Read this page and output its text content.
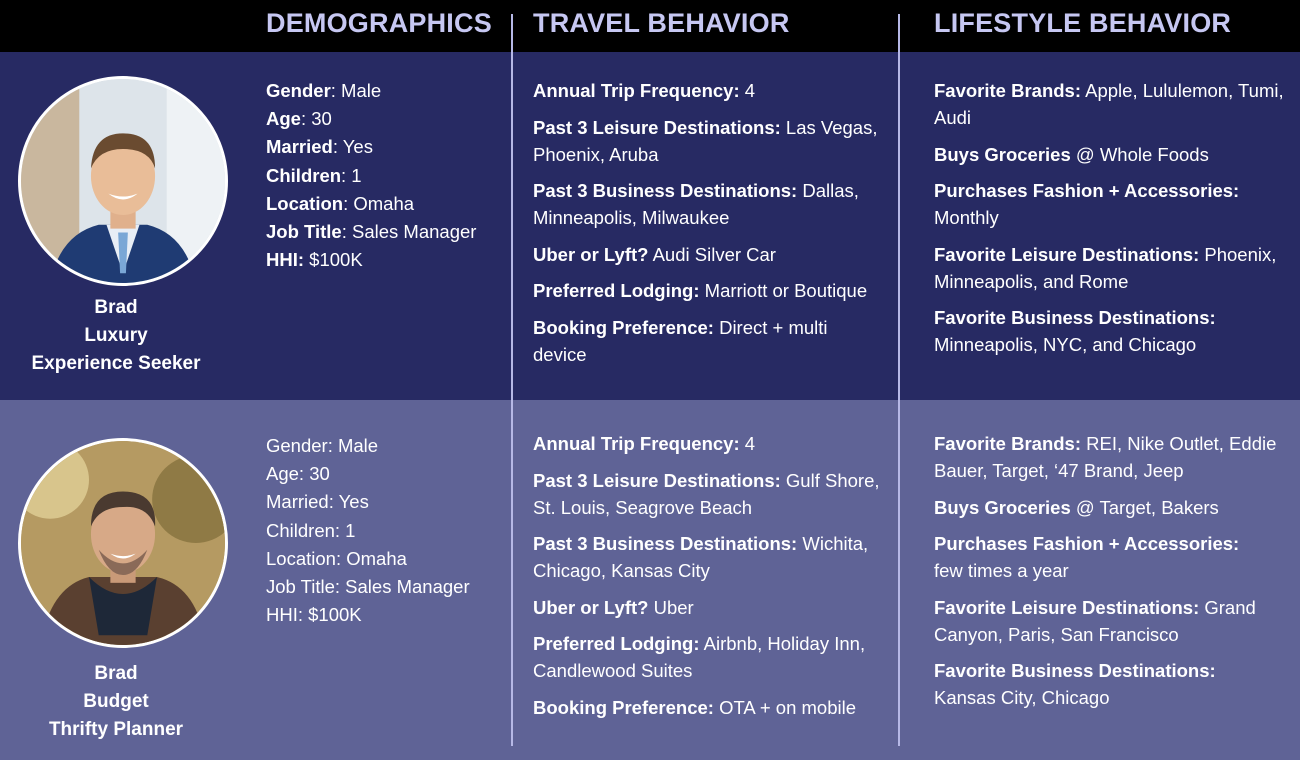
DEMOGRAPHICS TRAVEL BEHAVIOR	LIFESTYLE BEHAVIOR
Brad
Luxury
Experience Seeker
Gender: Male
Age: 30
Married: Yes
Children: 1
Location: Omaha
Job Title: Sales Manager
HHI: $100K
Annual Trip Frequency: 4
Past 3 Leisure Destinations: Las Vegas, Phoenix, Aruba
Past 3 Business Destinations: Dallas, Minneapolis, Milwaukee
Uber or Lyft? Audi Silver Car
Preferred Lodging: Marriott or Boutique
Booking Preference: Direct + multi device
Favorite Brands: Apple, Lululemon, Tumi, Audi
Buys Groceries @ Whole Foods
Purchases Fashion + Accessories:
Monthly
Favorite Leisure Destinations: Phoenix, Minneapolis, and Rome
Favorite Business Destinations:
Minneapolis, NYC, and Chicago
Brad
Budget
Thrifty Planner
Gender: Male
Age: 30
Married: Yes
Children: 1
Location: Omaha
Job Title: Sales Manager
HHI: $100K
Annual Trip Frequency: 4
Past 3 Leisure Destinations: Gulf Shore, St. Louis, Seagrove Beach
Past 3 Business Destinations: Wichita, Chicago, Kansas City
Uber or Lyft? Uber
Preferred Lodging: Airbnb, Holiday Inn, Candlewood Suites
Booking Preference: OTA + on mobile
Favorite Brands: REI, Nike Outlet, Eddie Bauer, Target, ‘47 Brand, Jeep
Buys Groceries @ Target, Bakers
Purchases Fashion + Accessories:
few times a year
Favorite Leisure Destinations: Grand Canyon, Paris, San Francisco
Favorite Business Destinations:
Kansas City, Chicago
